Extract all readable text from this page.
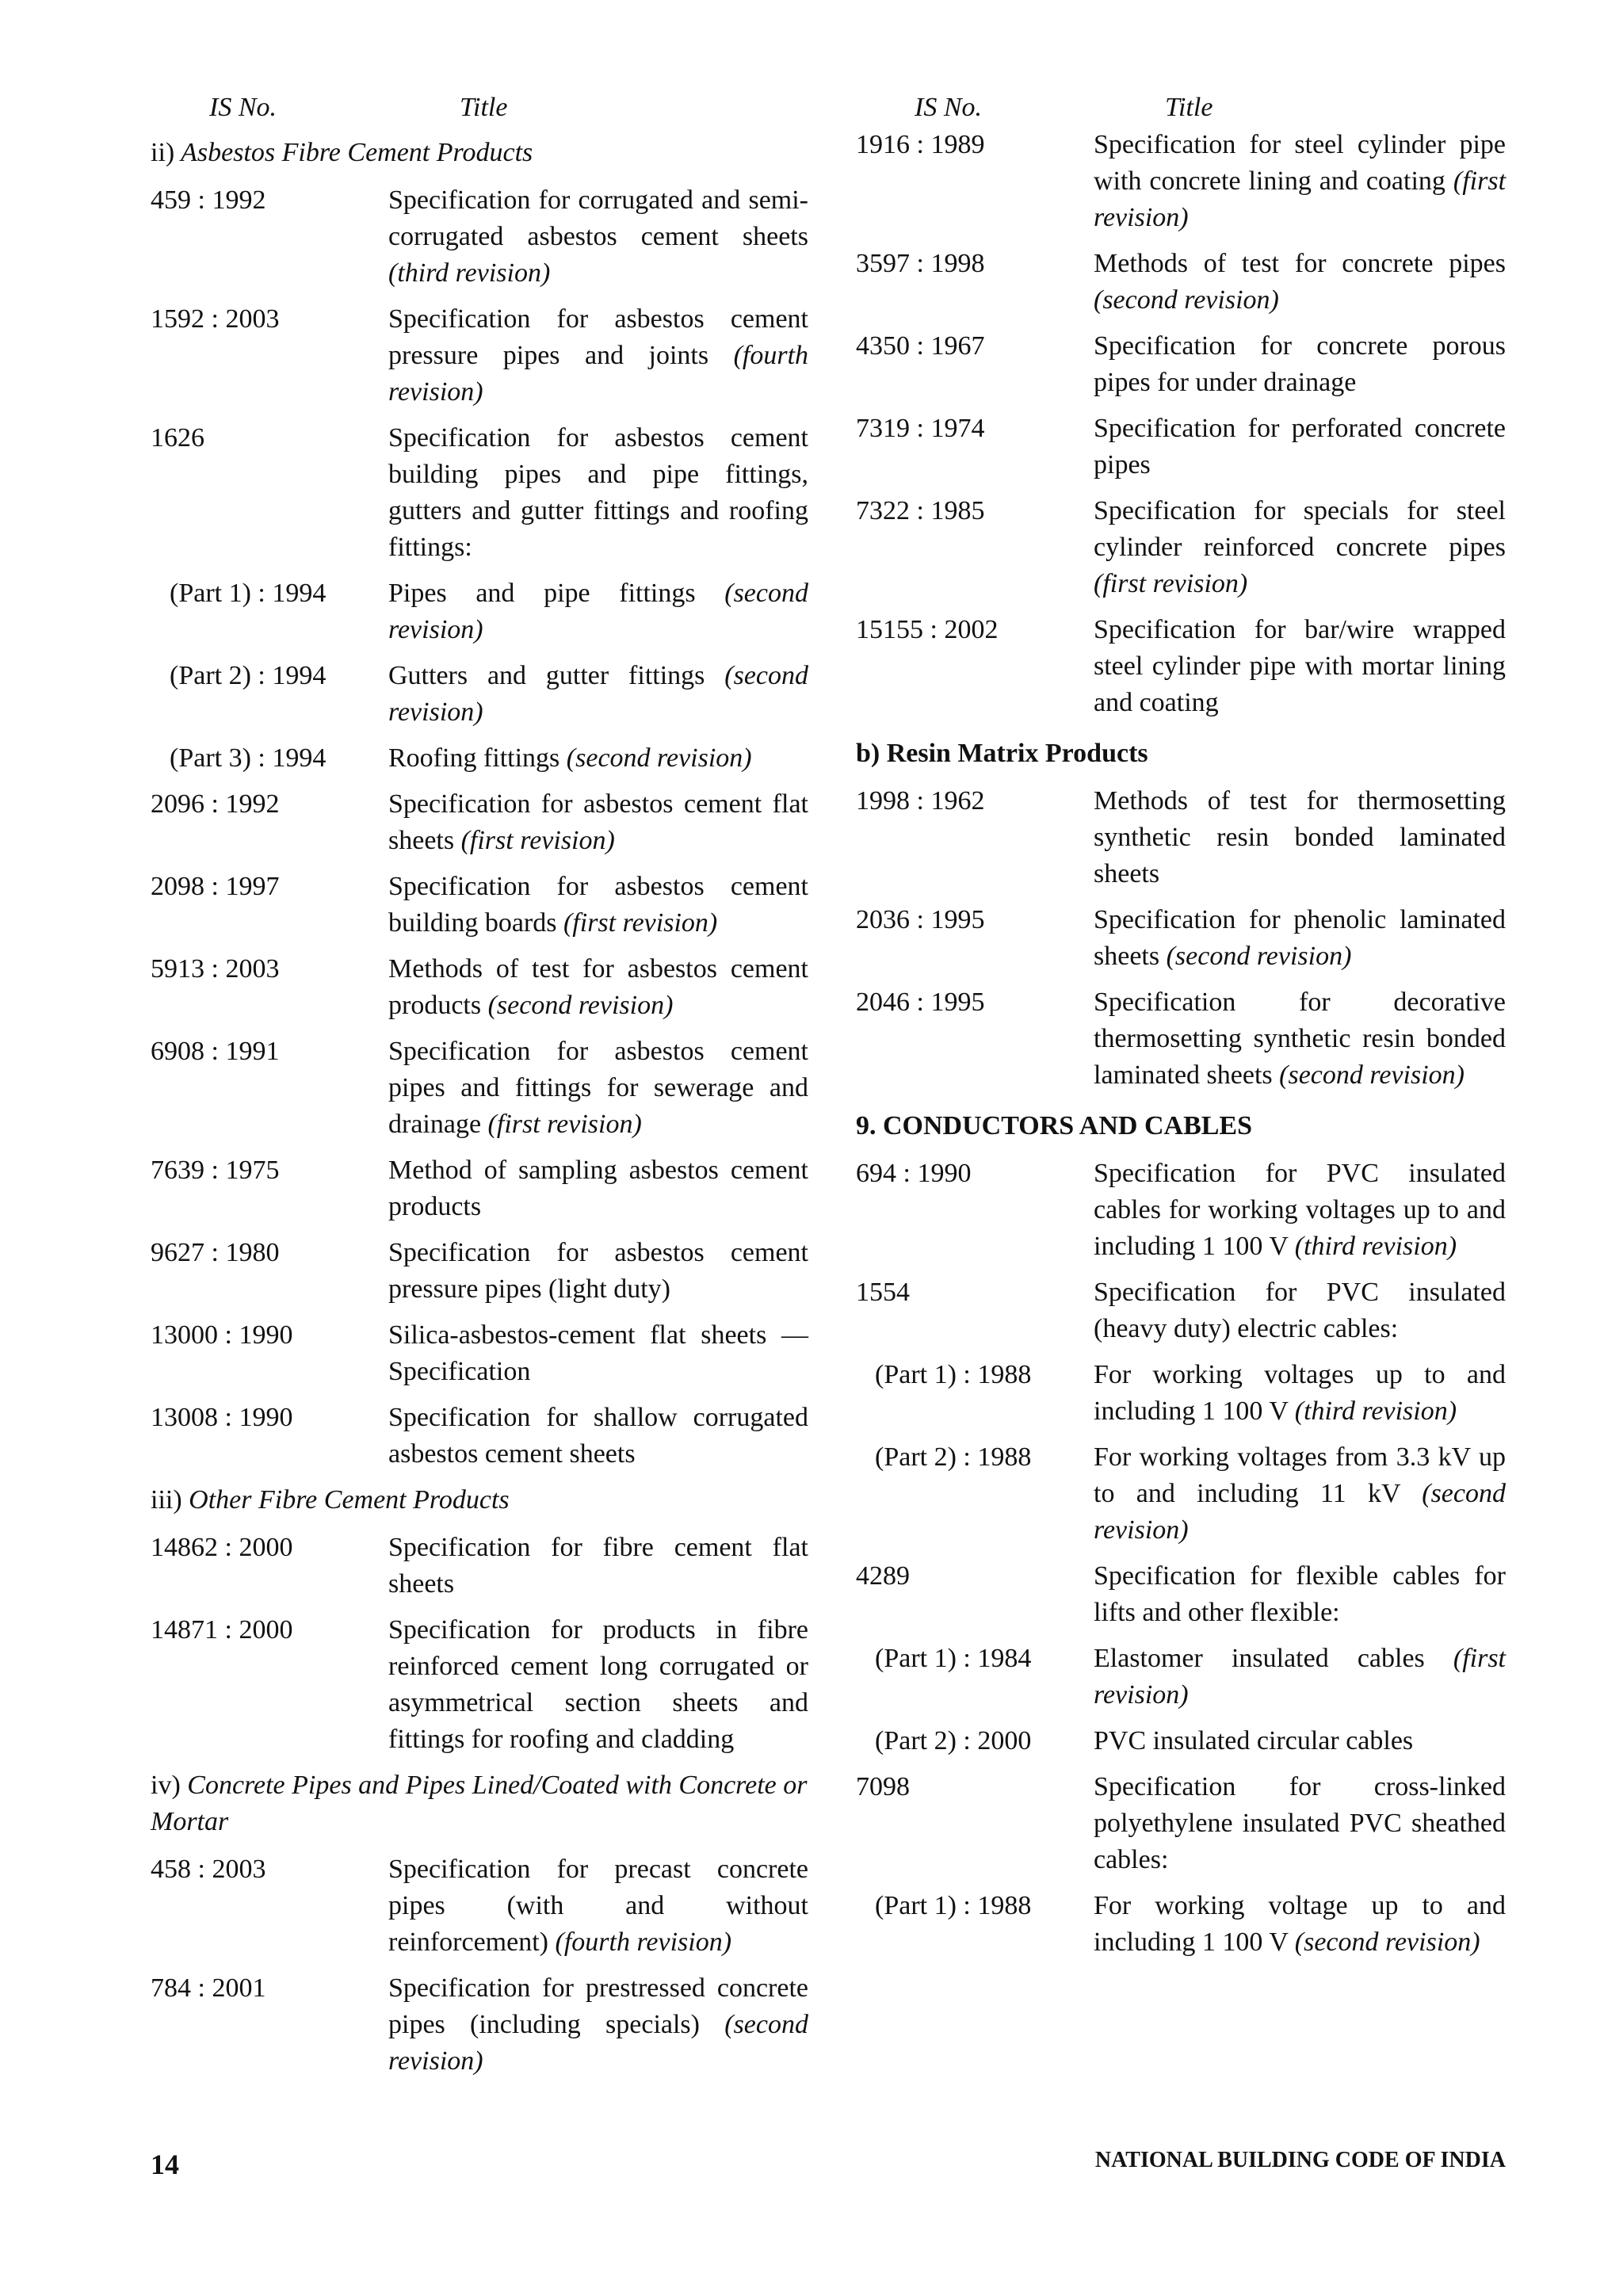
IS No.	Title
ii) Asbestos Fibre Cement Products
459 : 1992	Specification for corrugated and semi-corrugated asbestos cement sheets (third revision)
1592 : 2003	Specification for asbestos cement pressure pipes and joints (fourth revision)
1626	Specification for asbestos cement building pipes and pipe fittings, gutters and gutter fittings and roofing fittings:
(Part 1) : 1994	Pipes and pipe fittings (second revision)
(Part 2) : 1994	Gutters and gutter fittings (second revision)
(Part 3) : 1994	Roofing fittings (second revision)
2096 : 1992	Specification for asbestos cement flat sheets (first revision)
2098 : 1997	Specification for asbestos cement building boards (first revision)
5913 : 2003	Methods of test for asbestos cement products (second revision)
6908 : 1991	Specification for asbestos cement pipes and fittings for sewerage and drainage (first revision)
7639 : 1975	Method of sampling asbestos cement products
9627 : 1980	Specification for asbestos cement pressure pipes (light duty)
13000 : 1990	Silica-asbestos-cement flat sheets — Specification
13008 : 1990	Specification for shallow corrugated asbestos cement sheets
iii) Other Fibre Cement Products
14862 : 2000	Specification for fibre cement flat sheets
14871 : 2000	Specification for products in fibre reinforced cement long corrugated or asymmetrical section sheets and fittings for roofing and cladding
iv) Concrete Pipes and Pipes Lined/Coated with Concrete or Mortar
458 : 2003	Specification for precast concrete pipes (with and without reinforcement) (fourth revision)
784 : 2001	Specification for prestressed concrete pipes (including specials) (second revision)
IS No.	Title
1916 : 1989	Specification for steel cylinder pipe with concrete lining and coating (first revision)
3597 : 1998	Methods of test for concrete pipes (second revision)
4350 : 1967	Specification for concrete porous pipes for under drainage
7319 : 1974	Specification for perforated concrete pipes
7322 : 1985	Specification for specials for steel cylinder reinforced concrete pipes (first revision)
15155 : 2002	Specification for bar/wire wrapped steel cylinder pipe with mortar lining and coating
b) Resin Matrix Products
1998 : 1962	Methods of test for thermosetting synthetic resin bonded laminated sheets
2036 : 1995	Specification for phenolic laminated sheets (second revision)
2046 : 1995	Specification for decorative thermosetting synthetic resin bonded laminated sheets (second revision)
9. CONDUCTORS AND CABLES
694 : 1990	Specification for PVC insulated cables for working voltages up to and including 1 100 V (third revision)
1554	Specification for PVC insulated (heavy duty) electric cables:
(Part 1) : 1988	For working voltages up to and including 1 100 V (third revision)
(Part 2) : 1988	For working voltages from 3.3 kV up to and including 11 kV (second revision)
4289	Specification for flexible cables for lifts and other flexible:
(Part 1) : 1984	Elastomer insulated cables (first revision)
(Part 2) : 2000	PVC insulated circular cables
7098	Specification for cross-linked polyethylene insulated PVC sheathed cables:
(Part 1) : 1988	For working voltage up to and including 1 100 V (second revision)
14	NATIONAL BUILDING CODE OF INDIA
